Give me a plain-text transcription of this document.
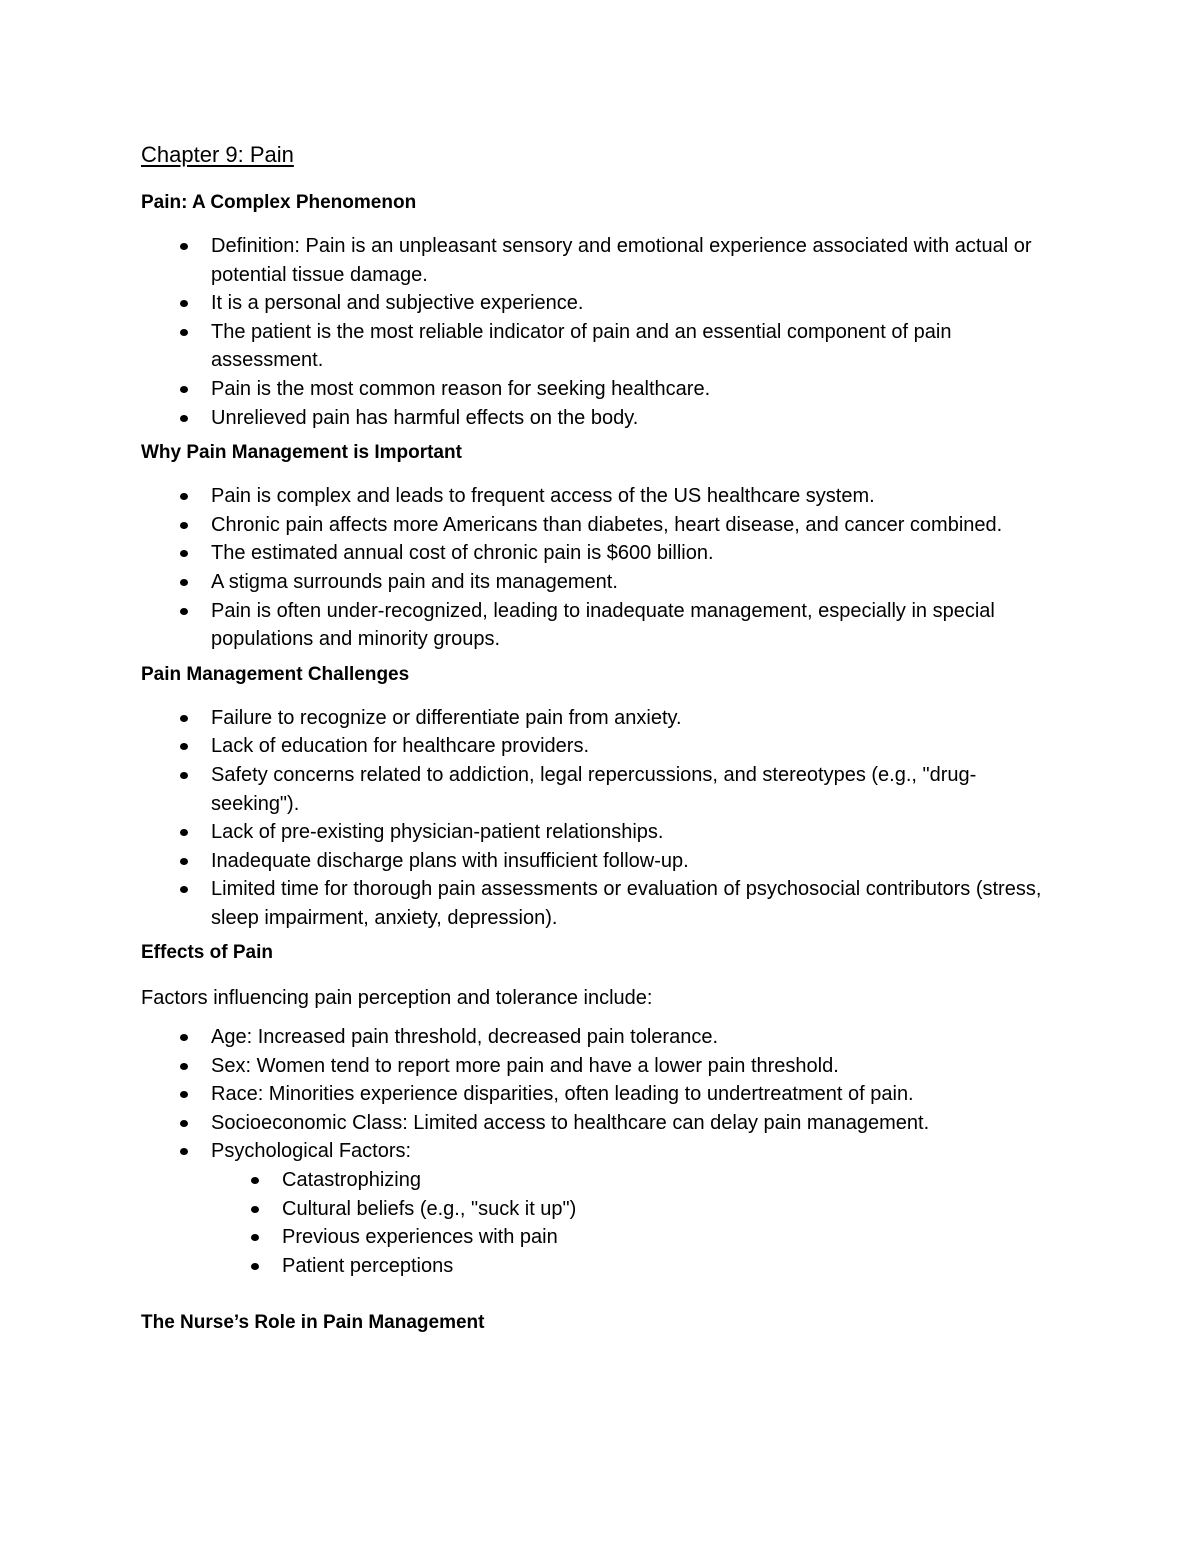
Chapter 9: Pain
Pain: A Complex Phenomenon
Definition: Pain is an unpleasant sensory and emotional experience associated with actual or potential tissue damage.
It is a personal and subjective experience.
The patient is the most reliable indicator of pain and an essential component of pain assessment.
Pain is the most common reason for seeking healthcare.
Unrelieved pain has harmful effects on the body.
Why Pain Management is Important
Pain is complex and leads to frequent access of the US healthcare system.
Chronic pain affects more Americans than diabetes, heart disease, and cancer combined.
The estimated annual cost of chronic pain is $600 billion.
A stigma surrounds pain and its management.
Pain is often under-recognized, leading to inadequate management, especially in special populations and minority groups.
Pain Management Challenges
Failure to recognize or differentiate pain from anxiety.
Lack of education for healthcare providers.
Safety concerns related to addiction, legal repercussions, and stereotypes (e.g., "drug-seeking").
Lack of pre-existing physician-patient relationships.
Inadequate discharge plans with insufficient follow-up.
Limited time for thorough pain assessments or evaluation of psychosocial contributors (stress, sleep impairment, anxiety, depression).
Effects of Pain

Factors influencing pain perception and tolerance include:

Age: Increased pain threshold, decreased pain tolerance.
Sex: Women tend to report more pain and have a lower pain threshold.
Race: Minorities experience disparities, often leading to undertreatment of pain.
Socioeconomic Class: Limited access to healthcare can delay pain management.
Psychological Factors:
Catastrophizing
Cultural beliefs (e.g., "suck it up")
Previous experiences with pain
Patient perceptions
The Nurse’s Role in Pain Management
